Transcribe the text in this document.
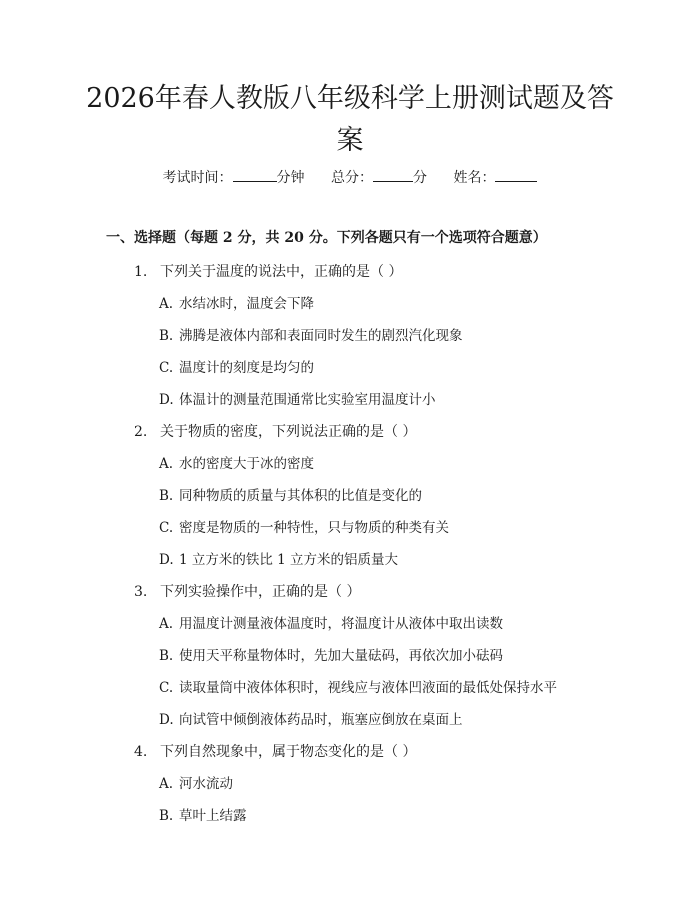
2026年春人教版八年级科学上册测试题及答案
考试时间：	分钟 总分：	分 姓名：
一、选择题（每题 2 分，共 20 分。下列各题只有一个选项符合题意）
1. 下列关于温度的说法中，正确的是（ ）
A. 水结冰时，温度会下降
B. 沸腾是液体内部和表面同时发生的剧烈汽化现象
C. 温度计的刻度是均匀的
D. 体温计的测量范围通常比实验室用温度计小
2. 关于物质的密度，下列说法正确的是（ ）
A. 水的密度大于冰的密度
B. 同种物质的质量与其体积的比值是变化的
C. 密度是物质的一种特性，只与物质的种类有关
D. 1 立方米的铁比 1 立方米的铝质量大
3. 下列实验操作中，正确的是（ ）
A. 用温度计测量液体温度时，将温度计从液体中取出读数
B. 使用天平称量物体时，先加大量砝码，再依次加小砝码
C. 读取量筒中液体体积时，视线应与液体凹液面的最低处保持水平
D. 向试管中倾倒液体药品时，瓶塞应倒放在桌面上
4. 下列自然现象中，属于物态变化的是（ ）
A. 河水流动
B. 草叶上结露
